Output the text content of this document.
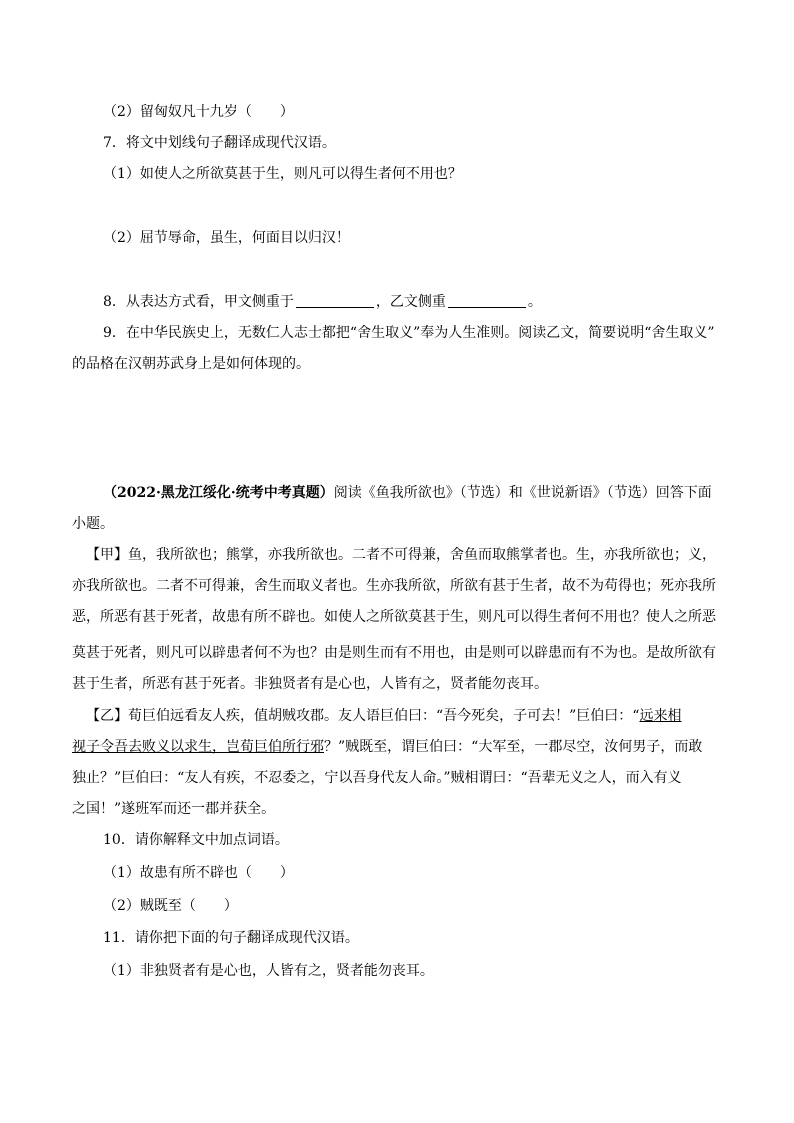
（2）留匈奴凡十九岁（　　）
7．将文中划线句子翻译成现代汉语。
（1）如使人之所欲莫甚于生，则凡可以得生者何不用也？
（2）屈节辱命，虽生，何面目以归汉！
8．从表达方式看，甲文侧重于	，乙文侧重	。
9．在中华民族史上，无数仁人志士都把“舍生取义”奉为人生准则。阅读乙文，简要说明“舍生取义”
的品格在汉朝苏武身上是如何体现的。
（2022·黑龙江绥化·统考中考真题）阅读《鱼我所欲也》（节选）和《世说新语》（节选）回答下面
小题。
【甲】鱼，我所欲也；熊掌，亦我所欲也。二者不可得兼，舍鱼而取熊掌者也。生，亦我所欲也；义，
亦我所欲也。二者不可得兼，舍生而取义者也。生亦我所欲，所欲有甚于生者，故不为苟得也；死亦我所
恶，所恶有甚于死者，故患有所不辟也。如使人之所欲莫甚于生，则凡可以得生者何不用也？使人之所恶
莫甚于死者，则凡可以辟患者何不为也？由是则生而有不用也，由是则可以辟患而有不为也。是故所欲有
甚于生者，所恶有甚于死者。非独贤者有是心也，人皆有之，贤者能勿丧耳。
【乙】荀巨伯远看友人疾，值胡贼攻郡。友人语巨伯曰：“吾今死矣，子可去！”巨伯曰：“远来相
视子令吾去败义以求生，岂荀巨伯所行邪？”贼既至，谓巨伯曰：“大军至，一郡尽空，汝何男子，而敢
独止？”巨伯曰：“友人有疾，不忍委之，宁以吾身代友人命。”贼相谓曰：“吾辈无义之人，而入有义
之国！”遂班军而还一郡并获全。
10．请你解释文中加点词语。
（1）故患有所不辟也（　　）
（2）贼既至（　　）
11．请你把下面的句子翻译成现代汉语。
（1）非独贤者有是心也，人皆有之，贤者能勿丧耳。
